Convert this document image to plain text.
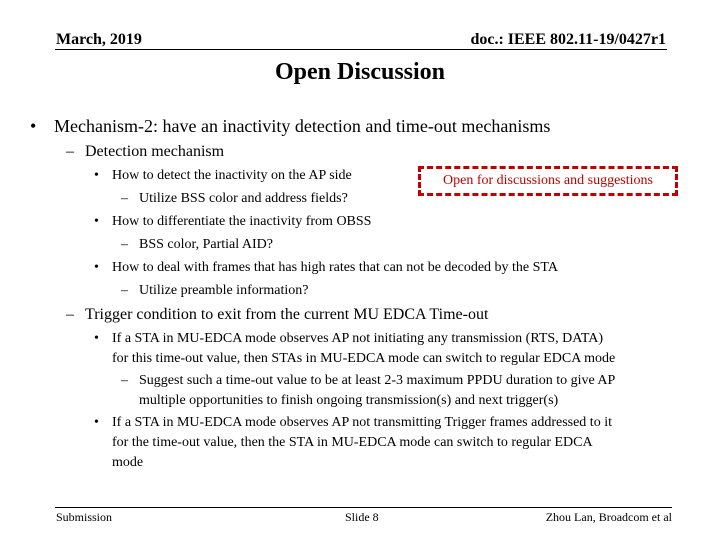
March, 2019	doc.: IEEE 802.11-19/0427r1
Open Discussion
• Mechanism-2: have an inactivity detection and time-out mechanisms
– Detection mechanism
• How to detect the inactivity on the AP side
– Utilize BSS color and address fields?
• How to differentiate the inactivity from OBSS
– BSS color, Partial AID?
• How to deal with frames that has high rates that can not be decoded by the STA
– Utilize preamble information?
– Trigger condition to exit from the current MU EDCA Time-out
• If a STA in MU-EDCA mode observes AP not initiating any transmission (RTS, DATA)
for this time-out value, then STAs in MU-EDCA mode can switch to regular EDCA mode
– Suggest such a time-out value to be at least 2-3 maximum PPDU duration to give AP
multiple opportunities to finish ongoing transmission(s) and next trigger(s)
• If a STA in MU-EDCA mode observes AP not transmitting Trigger frames addressed to it
for the time-out value, then the STA in MU-EDCA mode can switch to regular EDCA
mode
Open for discussions and suggestions
Submission	Slide 8	Zhou Lan, Broadcom et al
